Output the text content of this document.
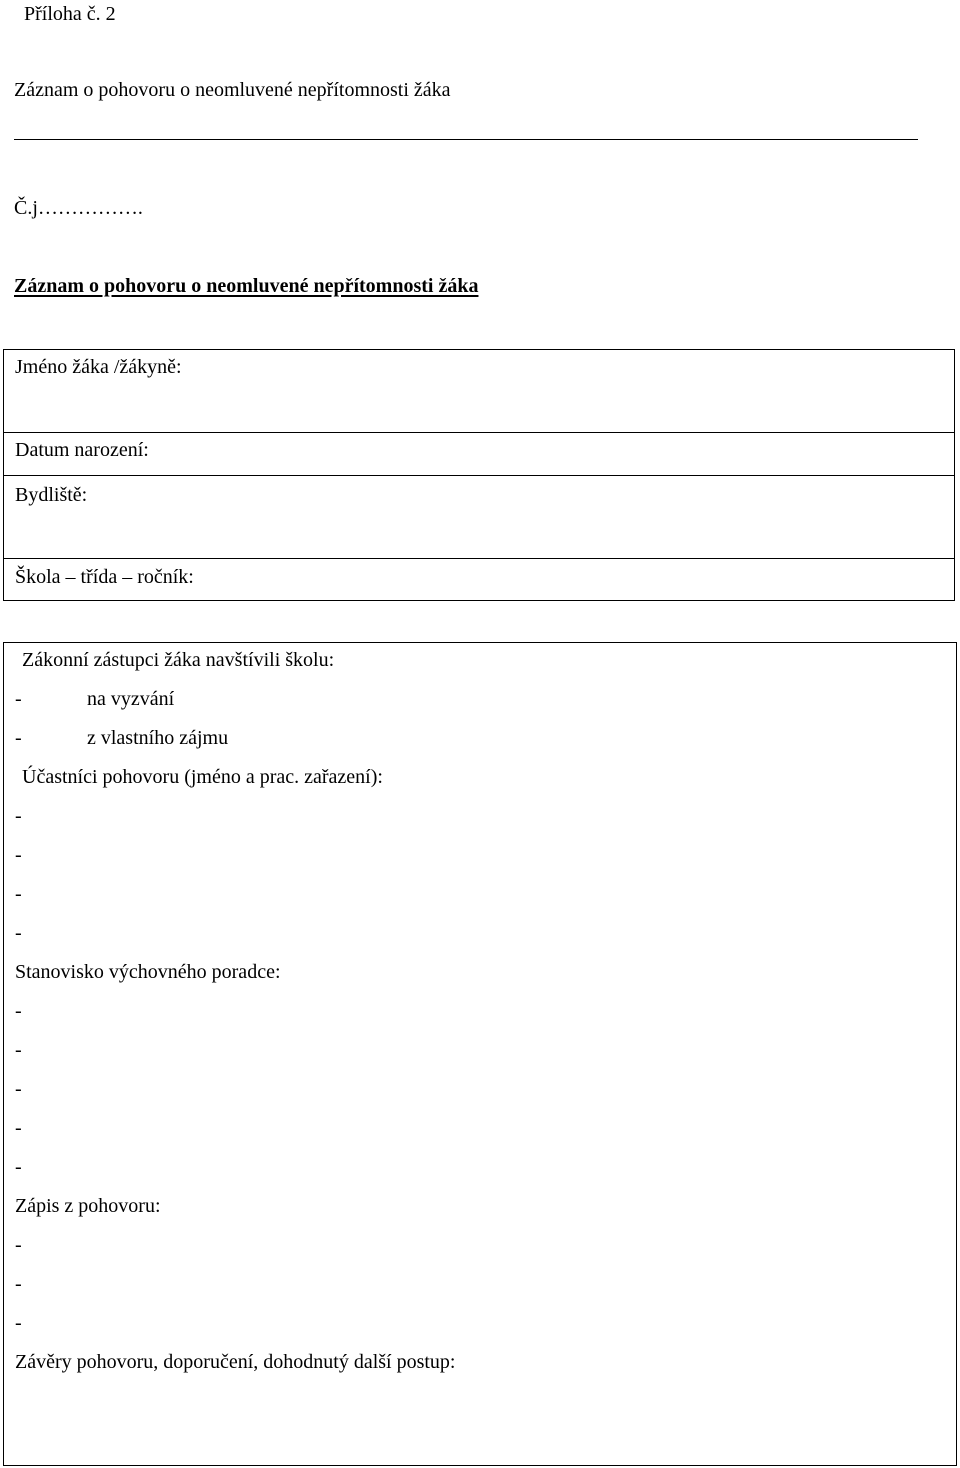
Příloha č. 2
Záznam o pohovoru o neomluvené nepřítomnosti žáka
Č.j…………….
Záznam o pohovoru o neomluvené nepřítomnosti žáka
Jméno žáka /žákyně:
Datum narození:
Bydliště:
Škola – třída – ročník:
Zákonní zástupci žáka navštívili školu:
-	na vyzvání
-	z vlastního zájmu
Účastníci pohovoru (jméno a prac. zařazení):
-
-
-
-
Stanovisko výchovného poradce:
-
-
-
-
-
Zápis z pohovoru:
-
-
-
Závěry pohovoru, doporučení, dohodnutý další postup:
